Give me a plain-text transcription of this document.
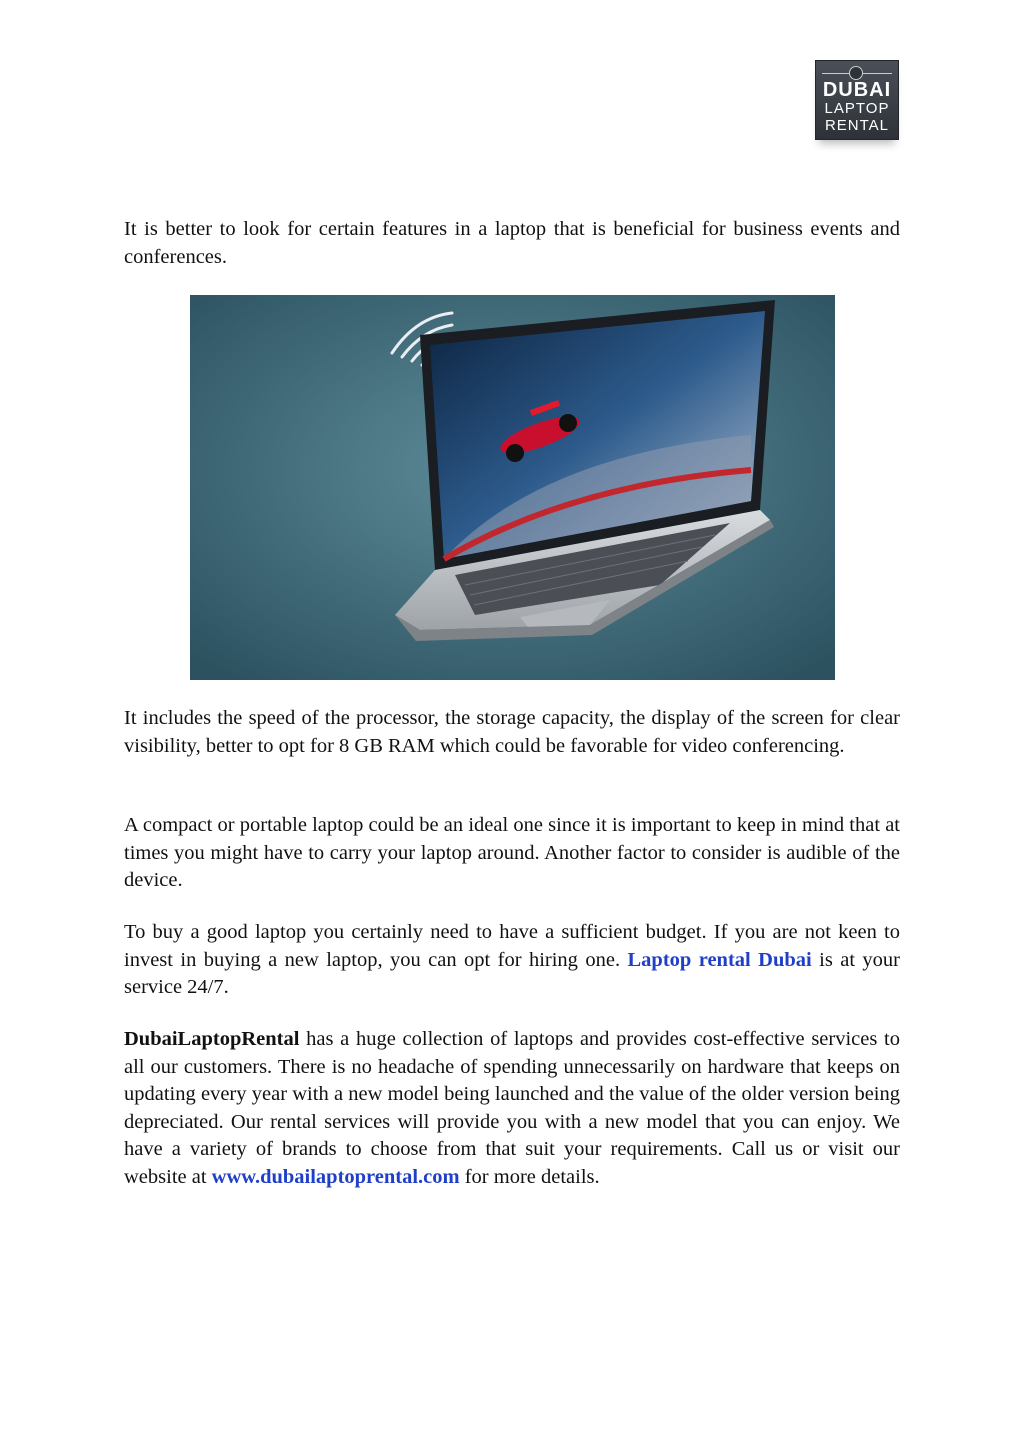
DUBAI
LAPTOP
RENTAL

It is better to look for certain features in a laptop that is beneficial for business events and conferences.

It includes the speed of the processor, the storage capacity, the display of the screen for clear visibility, better to opt for 8 GB RAM which could be favorable for video conferencing.

A compact or portable laptop could be an ideal one since it is important to keep in mind that at times you might have to carry your laptop around. Another factor to consider is audible of the device.

To buy a good laptop you certainly need to have a sufficient budget. If you are not keen to invest in buying a new laptop, you can opt for hiring one. Laptop rental Dubai is at your service 24/7.

DubaiLaptopRental has a huge collection of laptops and provides cost-effective services to all our customers. There is no headache of spending unnecessarily on hardware that keeps on updating every year with a new model being launched and the value of the older version being depreciated. Our rental services will provide you with a new model that you can enjoy. We have a variety of brands to choose from that suit your requirements. Call us or visit our website at www.dubailaptoprental.com for more details.
